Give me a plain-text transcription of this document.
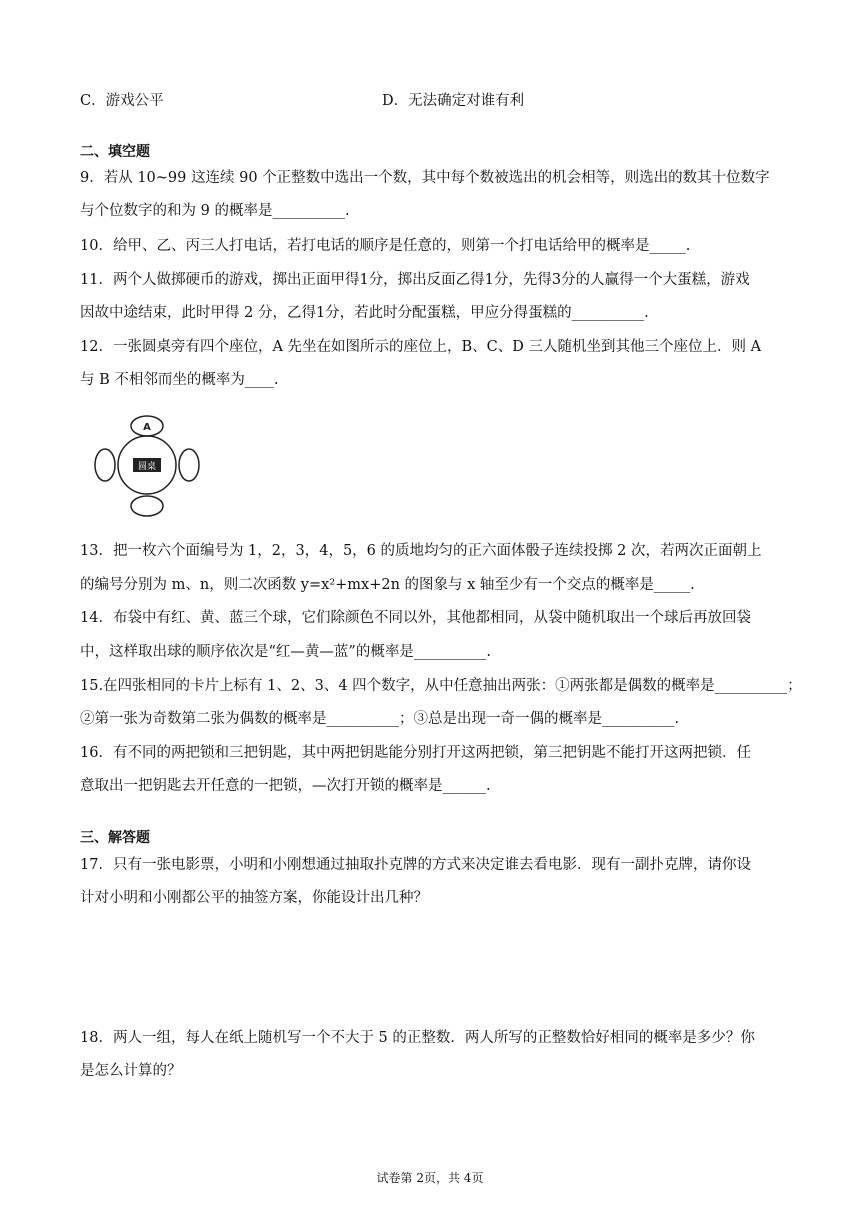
C．游戏公平	D．无法确定对谁有利
二、填空题
9．若从 10~99 这连续 90 个正整数中选出一个数，其中每个数被选出的机会相等，则选出的数其十位数字
与个位数字的和为 9 的概率是__________.
10．给甲、乙、丙三人打电话，若打电话的顺序是任意的，则第一个打电话给甲的概率是_____.
11．两个人做掷硬币的游戏，掷出正面甲得1分，掷出反面乙得1分，先得3分的人赢得一个大蛋糕，游戏
因故中途结束，此时甲得 2 分，乙得1分，若此时分配蛋糕，甲应分得蛋糕的__________.
12．一张圆桌旁有四个座位，A 先坐在如图所示的座位上，B、C、D 三人随机坐到其他三个座位上．则 A
与 B 不相邻而坐的概率为____.
圆桌
A
13．把一枚六个面编号为 1，2，3，4，5，6 的质地均匀的正六面体骰子连续投掷 2 次，若两次正面朝上
的编号分别为 m、n，则二次函数 y=x²+mx+2n 的图象与 x 轴至少有一个交点的概率是_____.
14．布袋中有红、黄、蓝三个球，它们除颜色不同以外，其他都相同，从袋中随机取出一个球后再放回袋
中，这样取出球的顺序依次是“红—黄—蓝”的概率是__________.
15.在四张相同的卡片上标有 1、2、3、4 四个数字，从中任意抽出两张：①两张都是偶数的概率是__________；
②第一张为奇数第二张为偶数的概率是__________；③总是出现一奇一偶的概率是__________.
16．有不同的两把锁和三把钥匙，其中两把钥匙能分别打开这两把锁，第三把钥匙不能打开这两把锁．任
意取出一把钥匙去开任意的一把锁，—次打开锁的概率是______.
三、解答题
17．只有一张电影票，小明和小刚想通过抽取扑克牌的方式来决定谁去看电影．现有一副扑克牌，请你设
计对小明和小刚都公平的抽签方案，你能设计出几种？
18．两人一组，每人在纸上随机写一个不大于 5 的正整数．两人所写的正整数恰好相同的概率是多少？你
是怎么计算的？
试卷第 2页，共 4页
